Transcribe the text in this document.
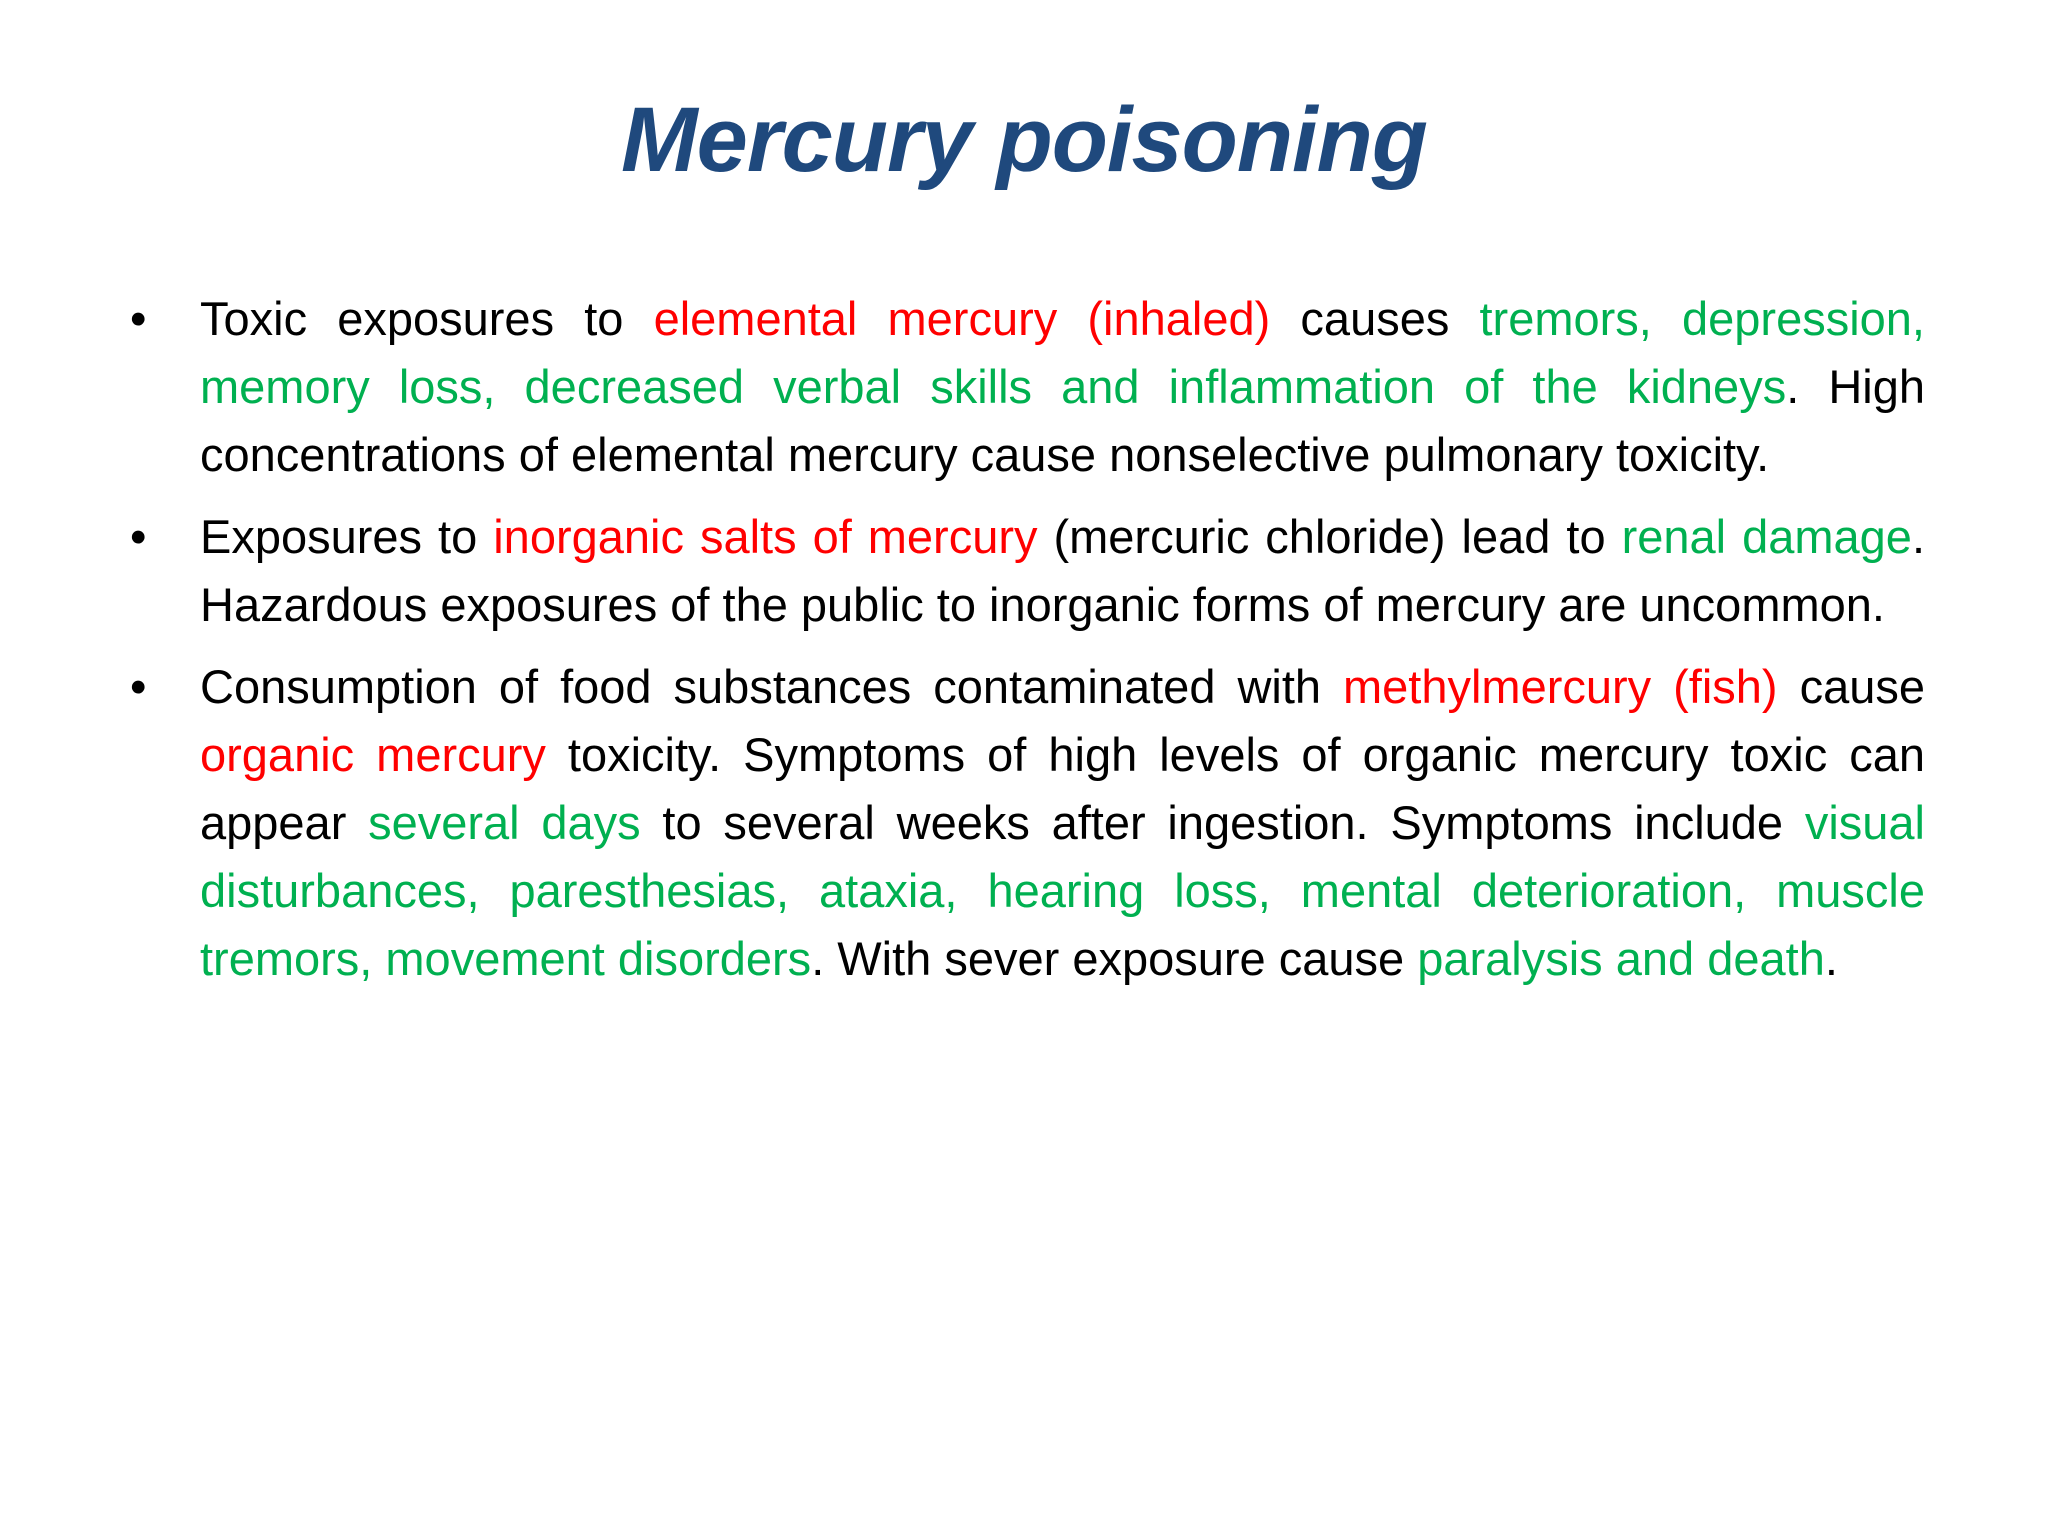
Mercury poisoning
•	Toxic exposures to elemental mercury (inhaled) causes tremors, depression, memory loss, decreased verbal skills and inflammation of the kidneys. High concentrations of elemental mercury cause nonselective pulmonary toxicity.
•	Exposures to inorganic salts of mercury (mercuric chloride) lead to renal damage. Hazardous exposures of the public to inorganic forms of mercury are uncommon.
•	Consumption of food substances contaminated with methylmercury (fish) cause organic mercury toxicity. Symptoms of high levels of organic mercury toxic can appear several days to several weeks after ingestion. Symptoms include visual disturbances, paresthesias, ataxia, hearing loss, mental deterioration, muscle tremors, movement disorders. With sever exposure cause paralysis and death.
